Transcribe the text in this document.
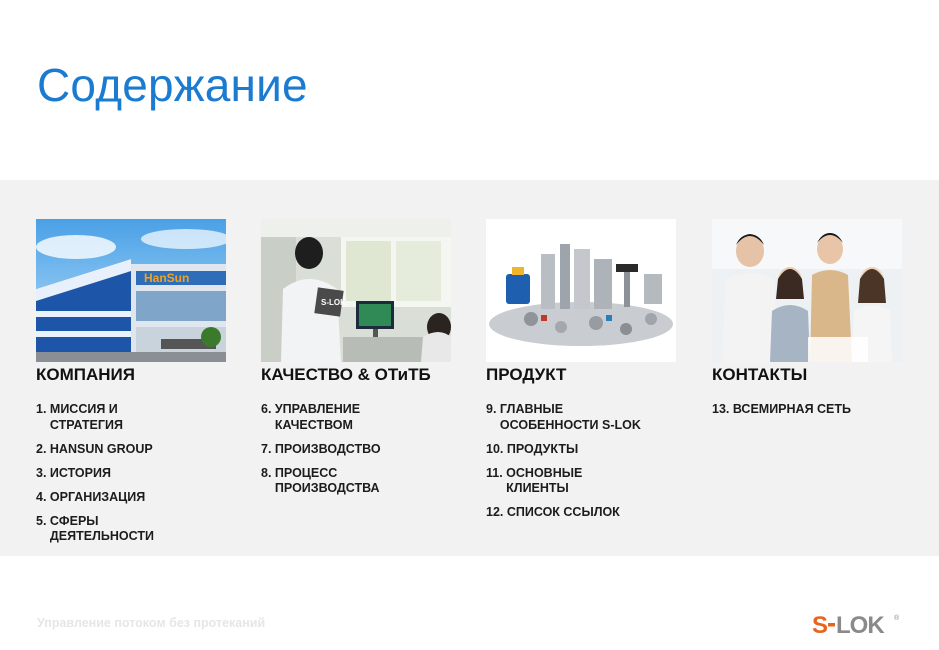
Содержание
HanSun
КОМПАНИЯ
1. МИССИЯ И
СТРАТЕГИЯ
2. HANSUN GROUP
3. ИСТОРИЯ
4. ОРГАНИЗАЦИЯ
5. СФЕРЫ
ДЕЯТЕЛЬНОСТИ
S-LOK
КАЧЕСТВО & ОТиТБ
6. УПРАВЛЕНИЕ
КАЧЕСТВОМ
7. ПРОИЗВОДСТВО
8. ПРОЦЕСС
ПРОИЗВОДСТВА
ПРОДУКТ
9. ГЛАВНЫЕ
ОСОБЕННОСТИ S-LOK
10. ПРОДУКТЫ
11. ОСНОВНЫЕ
КЛИЕНТЫ
12. СПИСОК ССЫЛОК
КОНТАКТЫ
13. ВСЕМИРНАЯ СЕТЬ
Управление потоком без протеканий	S LOK ®
